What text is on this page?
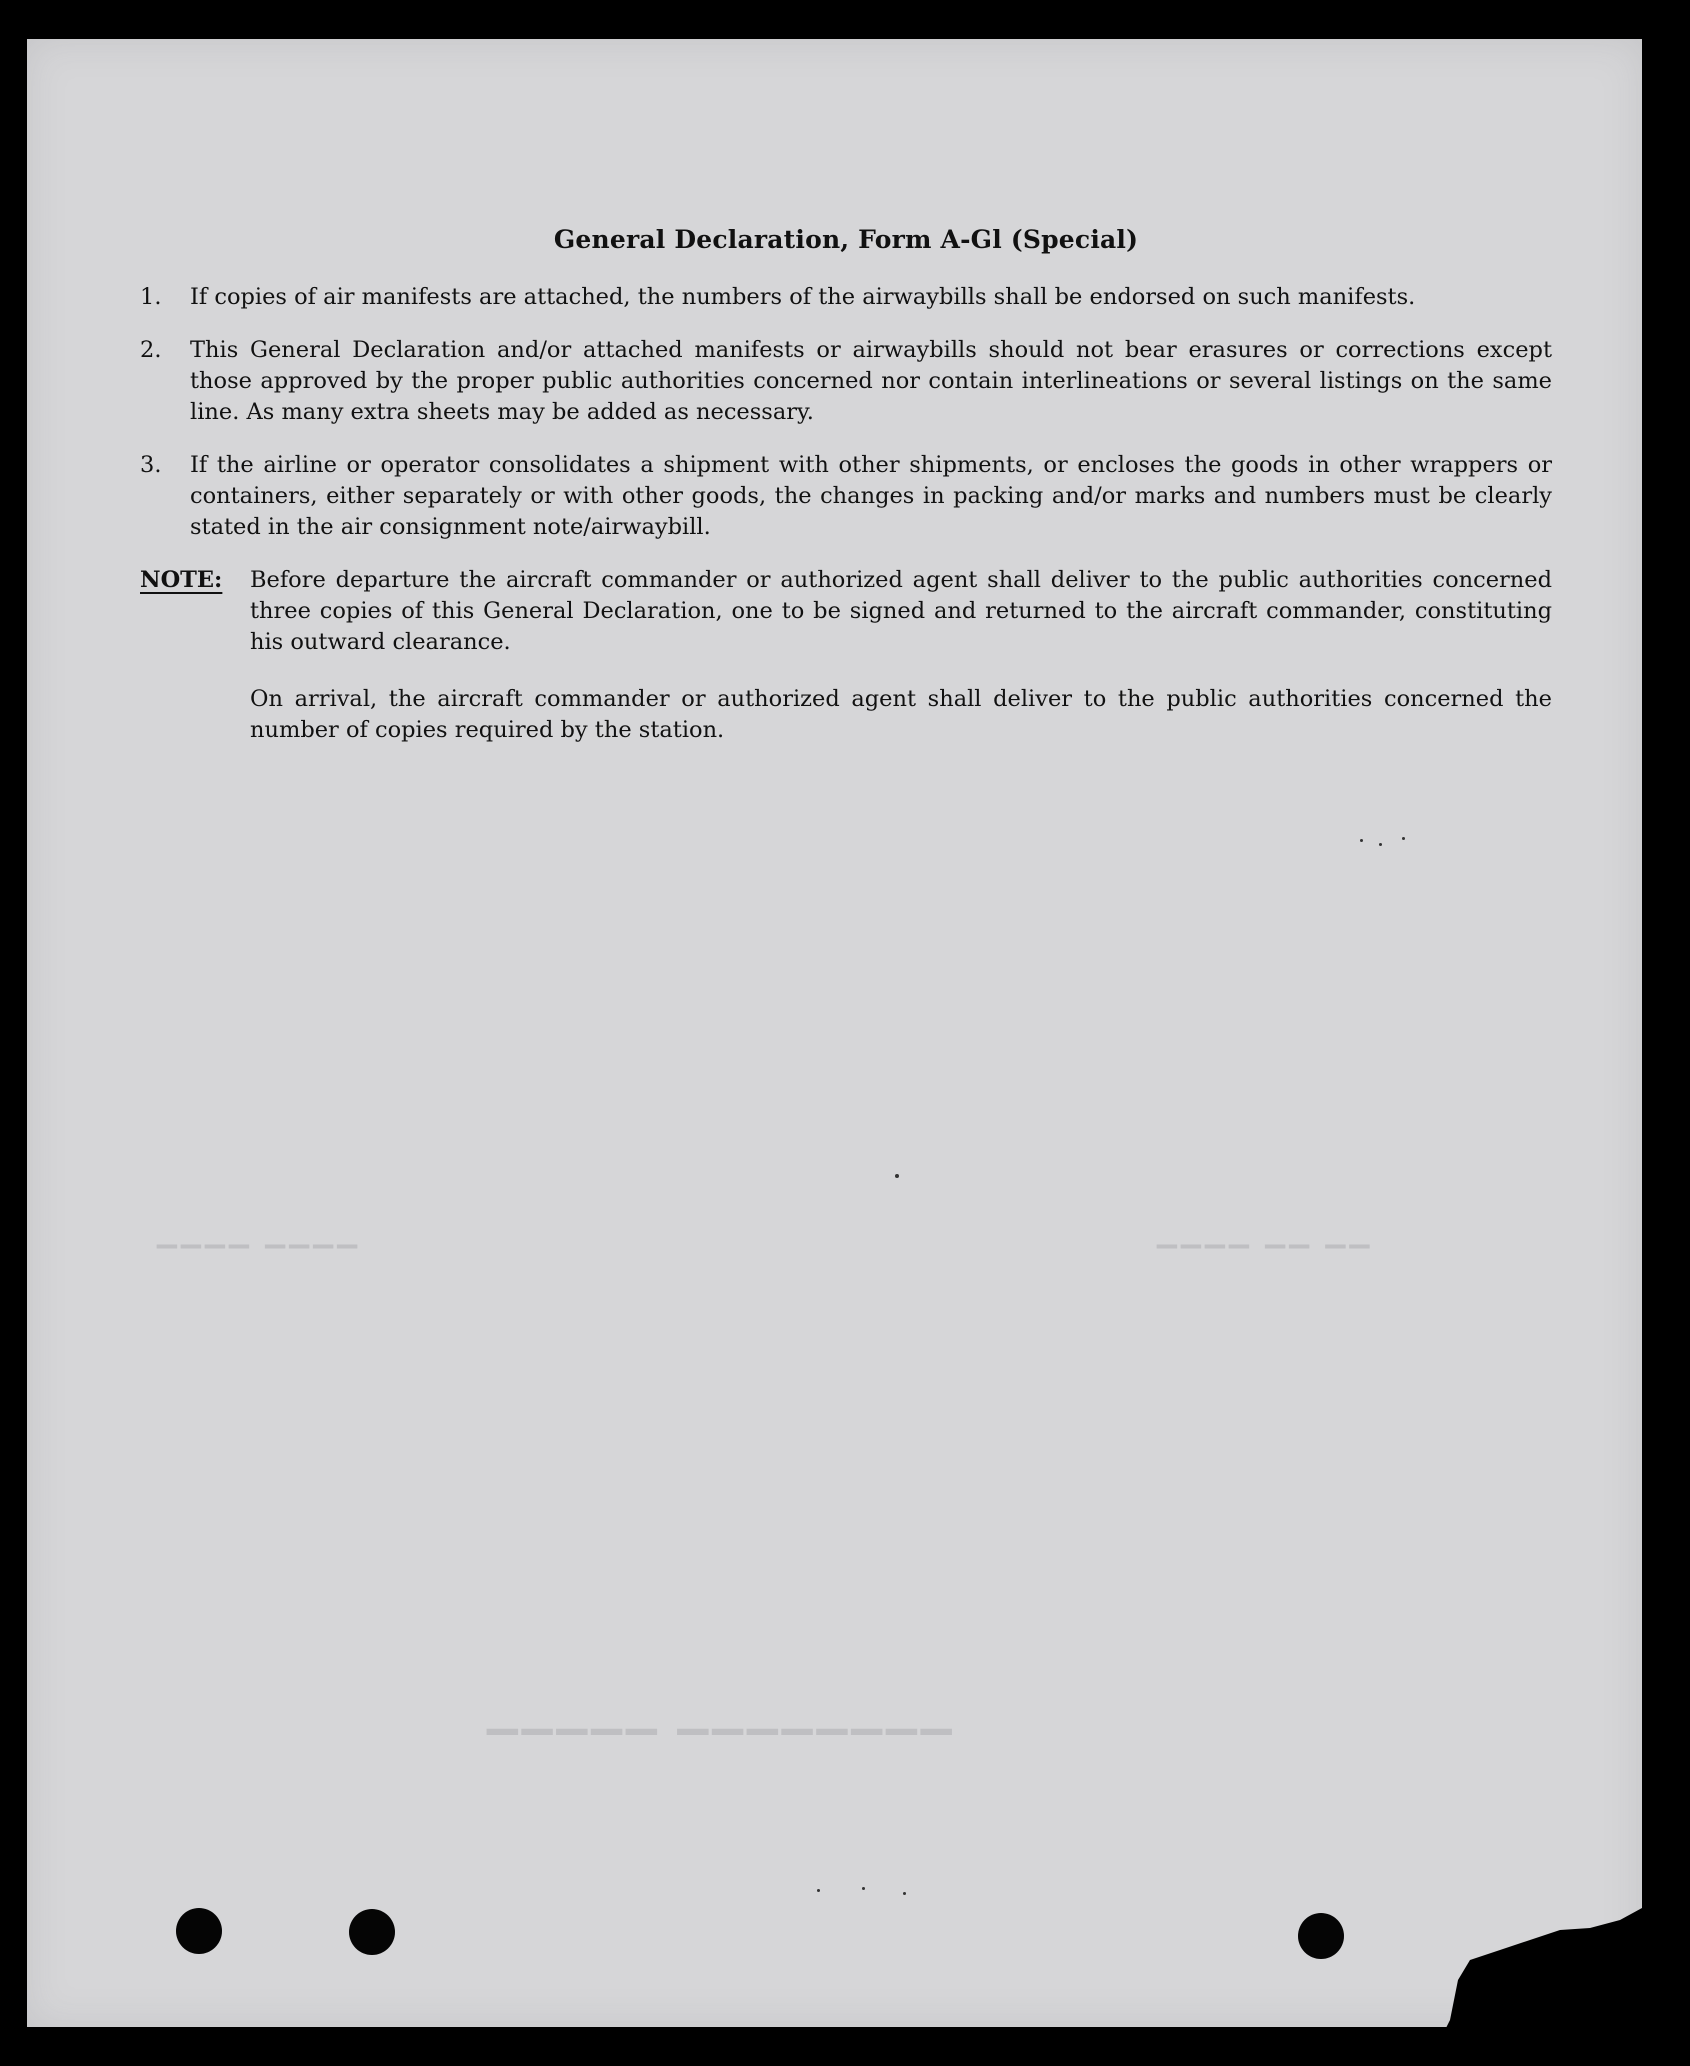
▁▁▁▁ ▁▁▁▁	▁▁▁▁ ▁▁ ▁▁
▁▁▁▁▁ ▁▁▁▁▁▁▁▁
General Declaration, Form A-Gl (Special)
1.	If copies of air manifests are attached, the numbers of the airwaybills shall be endorsed on such manifests.
2.	This General Declaration and/or attached manifests or airwaybills should not bear erasures or corrections except those approved by the proper public authorities concerned nor contain interlineations or several listings on the same line. As many extra sheets may be added as necessary.
3.	If the airline or operator consolidates a shipment with other shipments, or encloses the goods in other wrappers or containers, either separately or with other goods, the changes in packing and/or marks and numbers must be clearly stated in the air consignment note/airwaybill.
NOTE:	Before departure the aircraft commander or authorized agent shall deliver to the public authorities concerned three copies of this General Declaration, one to be signed and returned to the aircraft commander, constituting his outward clearance.

On arrival, the aircraft commander or authorized agent shall deliver to the public authorities concerned the number of copies required by the station.
